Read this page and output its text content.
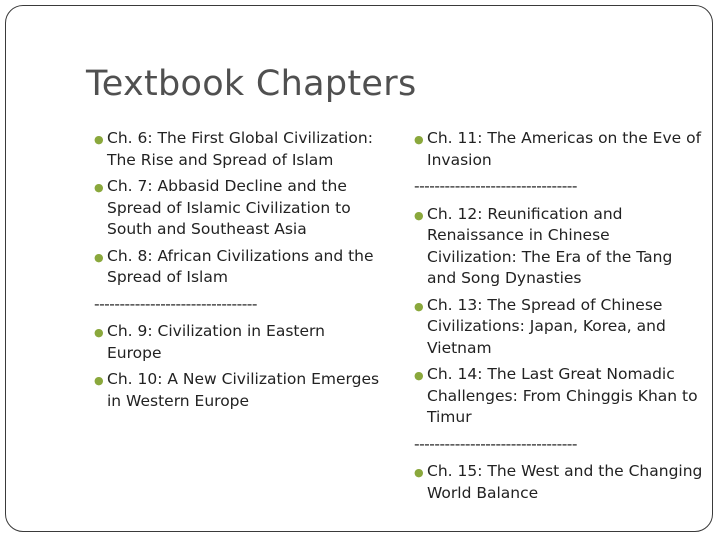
Textbook Chapters
● Ch. 6: The First Global Civilization: The Rise and Spread of Islam
● Ch. 7: Abbasid Decline and the Spread of Islamic Civilization to South and Southeast Asia
● Ch. 8: African Civilizations and the Spread of Islam
--------------------------------
● Ch. 9: Civilization in Eastern Europe
● Ch. 10: A New Civilization Emerges in Western Europe
● Ch. 11: The Americas on the Eve of Invasion
--------------------------------
● Ch. 12: Reunification and Renaissance in Chinese Civilization: The Era of the Tang and Song Dynasties
● Ch. 13: The Spread of Chinese Civilizations: Japan, Korea, and Vietnam
● Ch. 14: The Last Great Nomadic Challenges: From Chinggis Khan to Timur
--------------------------------
● Ch. 15: The West and the Changing World Balance
